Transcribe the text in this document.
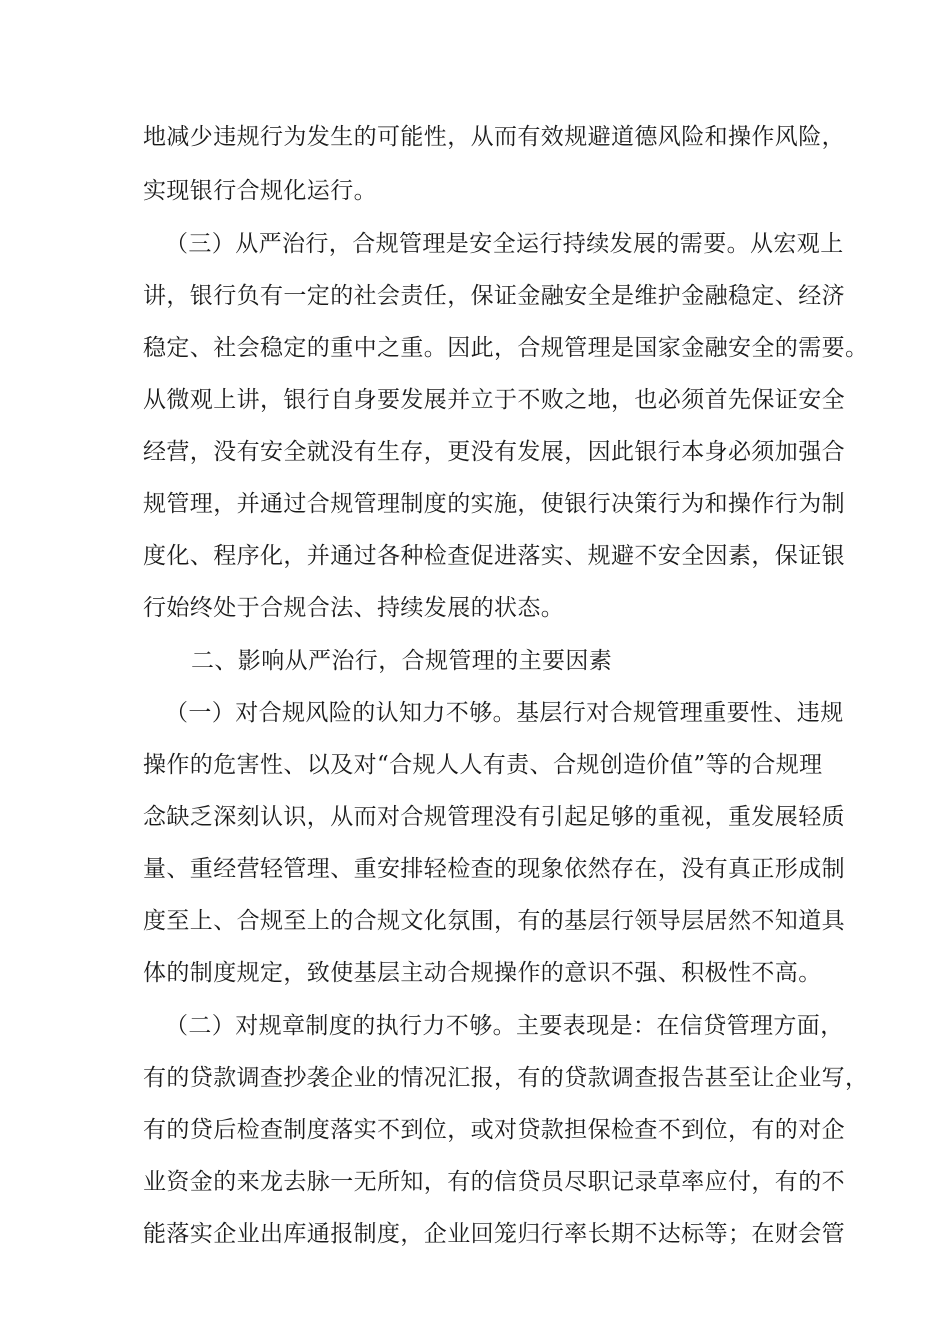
地减少违规行为发生的可能性，从而有效规避道德风险和操作风险，
实现银行合规化运行。
（三）从严治行，合规管理是安全运行持续发展的需要。从宏观上
讲，银行负有一定的社会责任，保证金融安全是维护金融稳定、经济
稳定、社会稳定的重中之重。因此，合规管理是国家金融安全的需要。
从微观上讲，银行自身要发展并立于不败之地，也必须首先保证安全
经营，没有安全就没有生存，更没有发展，因此银行本身必须加强合
规管理，并通过合规管理制度的实施，使银行决策行为和操作行为制
度化、程序化，并通过各种检查促进落实、规避不安全因素，保证银
行始终处于合规合法、持续发展的状态。
二、影响从严治行，合规管理的主要因素
（一）对合规风险的认知力不够。基层行对合规管理重要性、违规
操作的危害性、以及对“合规人人有责、合规创造价值”等的合规理
念缺乏深刻认识，从而对合规管理没有引起足够的重视，重发展轻质
量、重经营轻管理、重安排轻检查的现象依然存在，没有真正形成制
度至上、合规至上的合规文化氛围，有的基层行领导层居然不知道具
体的制度规定，致使基层主动合规操作的意识不强、积极性不高。
（二）对规章制度的执行力不够。主要表现是：在信贷管理方面，
有的贷款调查抄袭企业的情况汇报，有的贷款调查报告甚至让企业写，
有的贷后检查制度落实不到位，或对贷款担保检查不到位，有的对企
业资金的来龙去脉一无所知，有的信贷员尽职记录草率应付，有的不
能落实企业出库通报制度，企业回笼归行率长期不达标等；在财会管
